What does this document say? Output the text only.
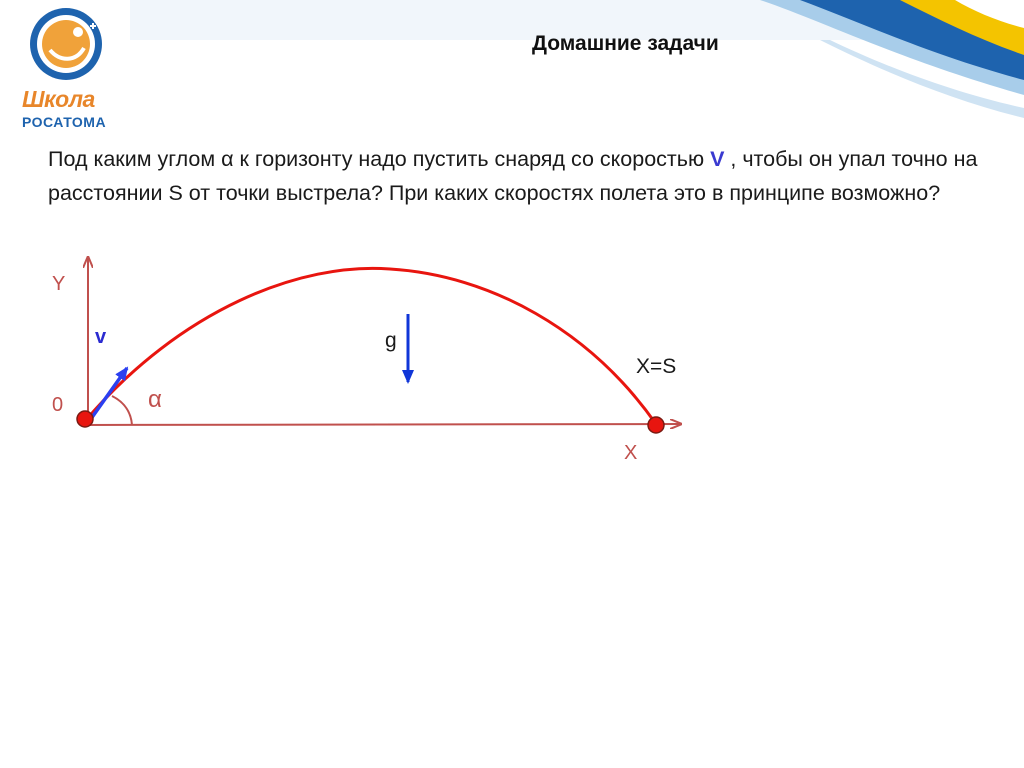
Школа
РОСАТОМА
Домашние задачи
Под каким углом α к горизонту надо пустить снаряд со скоростью V , чтобы он упал точно на расстоянии S от точки выстрела? При каких скоростях полета это в принципе возможно?
Y
0
v
α
g
X=S
X
